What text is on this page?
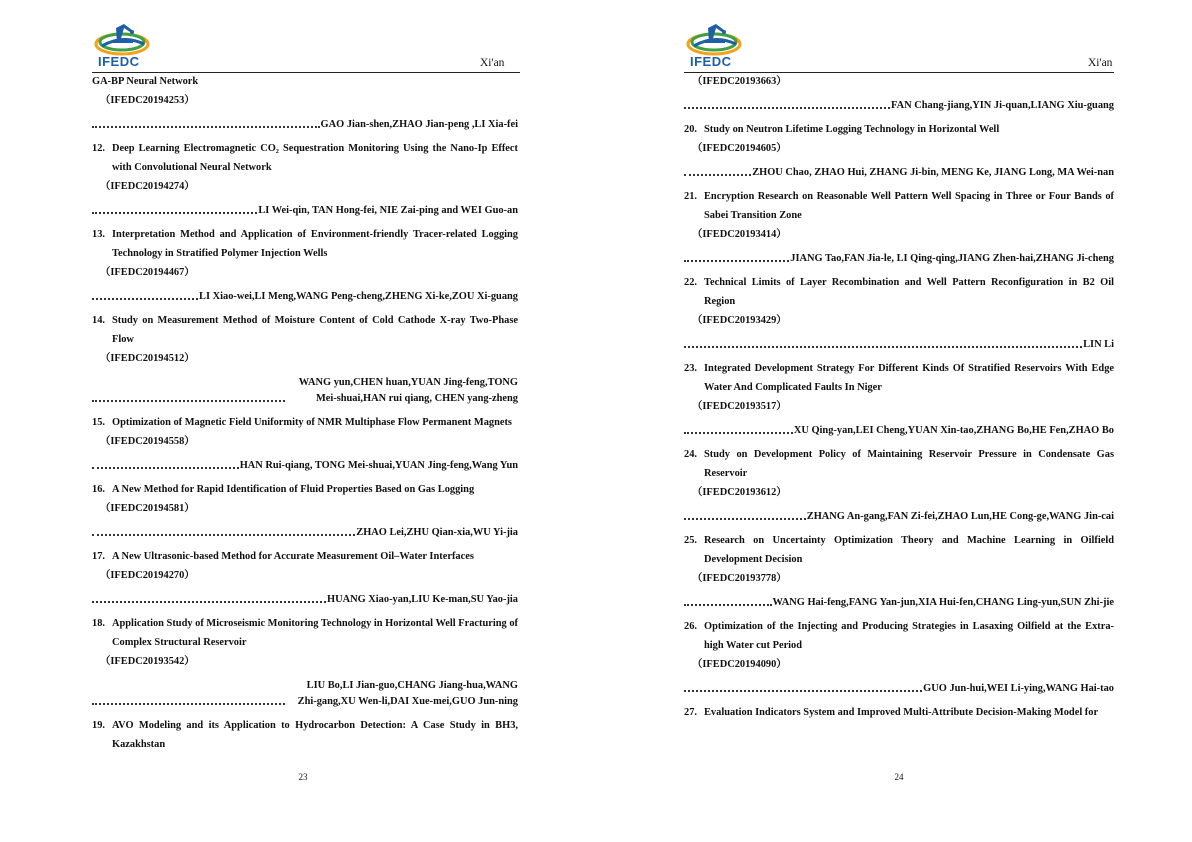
IFEDC	Xi'an
GA-BP Neural Network
（IFEDC20194253）
GAO Jian-shen,ZHAO Jian-peng ,LI Xia-fei
12. Deep Learning Electromagnetic CO₂ Sequestration Monitoring Using the Nano-Ip Effect with Convolutional Neural Network
（IFEDC20194274）
LI Wei-qin, TAN Hong-fei, NIE Zai-ping and WEI Guo-an
13. Interpretation Method and Application of Environment-friendly Tracer-related Logging Technology in Stratified Polymer Injection Wells
（IFEDC20194467）
LI Xiao-wei,LI Meng,WANG Peng-cheng,ZHENG Xi-ke,ZOU Xi-guang
14. Study on Measurement Method of Moisture Content of Cold Cathode X-ray Two-Phase Flow
（IFEDC20194512）
WANG yun,CHEN huan,YUAN Jing-feng,TONG Mei-shuai,HAN rui qiang, CHEN yang-zheng
15. Optimization of Magnetic Field Uniformity of NMR Multiphase Flow Permanent Magnets
（IFEDC20194558）
HAN Rui-qiang, TONG Mei-shuai,YUAN Jing-feng,Wang Yun
16. A New Method for Rapid Identification of Fluid Properties Based on Gas Logging
（IFEDC20194581）
ZHAO Lei,ZHU Qian-xia,WU Yi-jia
17. A New Ultrasonic-based Method for Accurate Measurement Oil–Water Interfaces
（IFEDC20194270）
HUANG Xiao-yan,LIU Ke-man,SU Yao-jia
18. Application Study of Microseismic Monitoring Technology in Horizontal Well Fracturing of Complex Structural Reservoir
（IFEDC20193542）
LIU Bo,LI Jian-guo,CHANG Jiang-hua,WANG Zhi-gang,XU Wen-li,DAI Xue-mei,GUO Jun-ning
19. AVO Modeling and its Application to Hydrocarbon Detection: A Case Study in BH3, Kazakhstan
23
IFEDC	Xi'an
（IFEDC20193663）
FAN Chang-jiang,YIN Ji-quan,LIANG Xiu-guang
20. Study on Neutron Lifetime Logging Technology in Horizontal Well
（IFEDC20194605）
ZHOU Chao, ZHAO Hui, ZHANG Ji-bin, MENG Ke, JIANG Long, MA Wei-nan
21. Encryption Research on Reasonable Well Pattern Well Spacing in Three or Four Bands of Sabei Transition Zone
（IFEDC20193414）
JIANG Tao,FAN Jia-le, LI Qing-qing,JIANG Zhen-hai,ZHANG Ji-cheng
22. Technical Limits of Layer Recombination and Well Pattern Reconfiguration in B2 Oil Region
（IFEDC20193429）
LIN Li
23. Integrated Development Strategy For Different Kinds Of Stratified Reservoirs With Edge Water And Complicated Faults In Niger
（IFEDC20193517）
XU Qing-yan,LEI Cheng,YUAN Xin-tao,ZHANG Bo,HE Fen,ZHAO Bo
24. Study on Development Policy of Maintaining Reservoir Pressure in Condensate Gas Reservoir
（IFEDC20193612）
ZHANG An-gang,FAN Zi-fei,ZHAO Lun,HE Cong-ge,WANG Jin-cai
25. Research on Uncertainty Optimization Theory and Machine Learning in Oilfield Development Decision
（IFEDC20193778）
WANG Hai-feng,FANG Yan-jun,XIA Hui-fen,CHANG Ling-yun,SUN Zhi-jie
26. Optimization of the Injecting and Producing Strategies in Lasaxing Oilfield at the Extra-high Water cut Period
（IFEDC20194090）
GUO Jun-hui,WEI Li-ying,WANG Hai-tao
27. Evaluation Indicators System and Improved Multi-Attribute Decision-Making Model for
24
